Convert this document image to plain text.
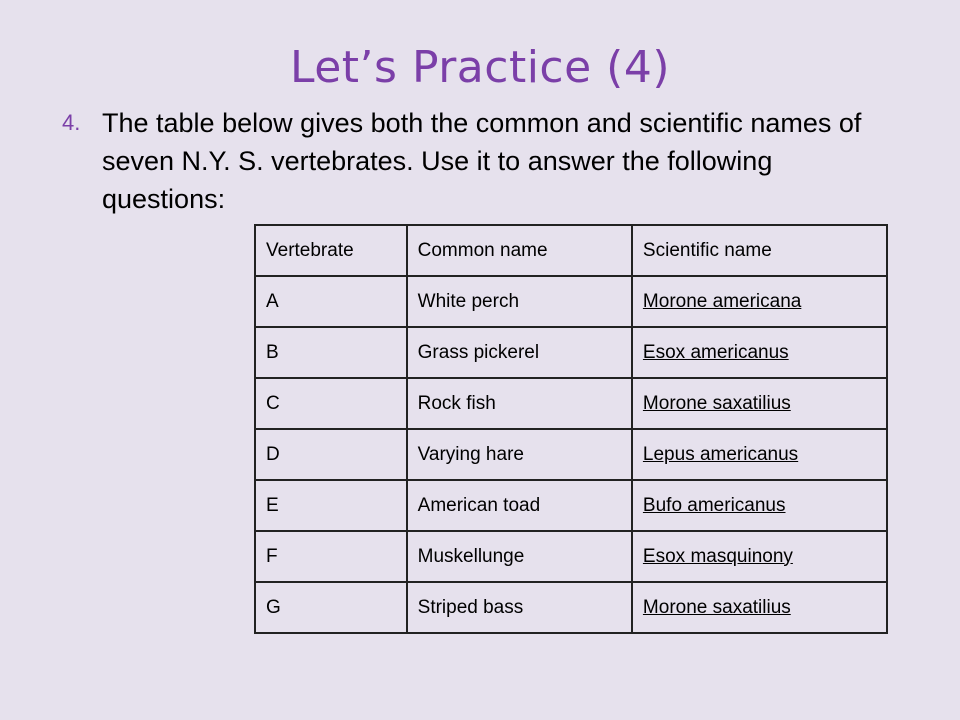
Let’s Practice (4)
4. The table below gives both the common and scientific names of seven N.Y. S. vertebrates. Use it to answer the following questions:
Vertebrate	Common name	Scientific name
A	White perch	Morone americana
B	Grass pickerel	Esox americanus
C	Rock fish	Morone saxatilius
D	Varying hare	Lepus americanus
E	American toad	Bufo americanus
F	Muskellunge	Esox masquinony
G	Striped bass	Morone saxatilius
